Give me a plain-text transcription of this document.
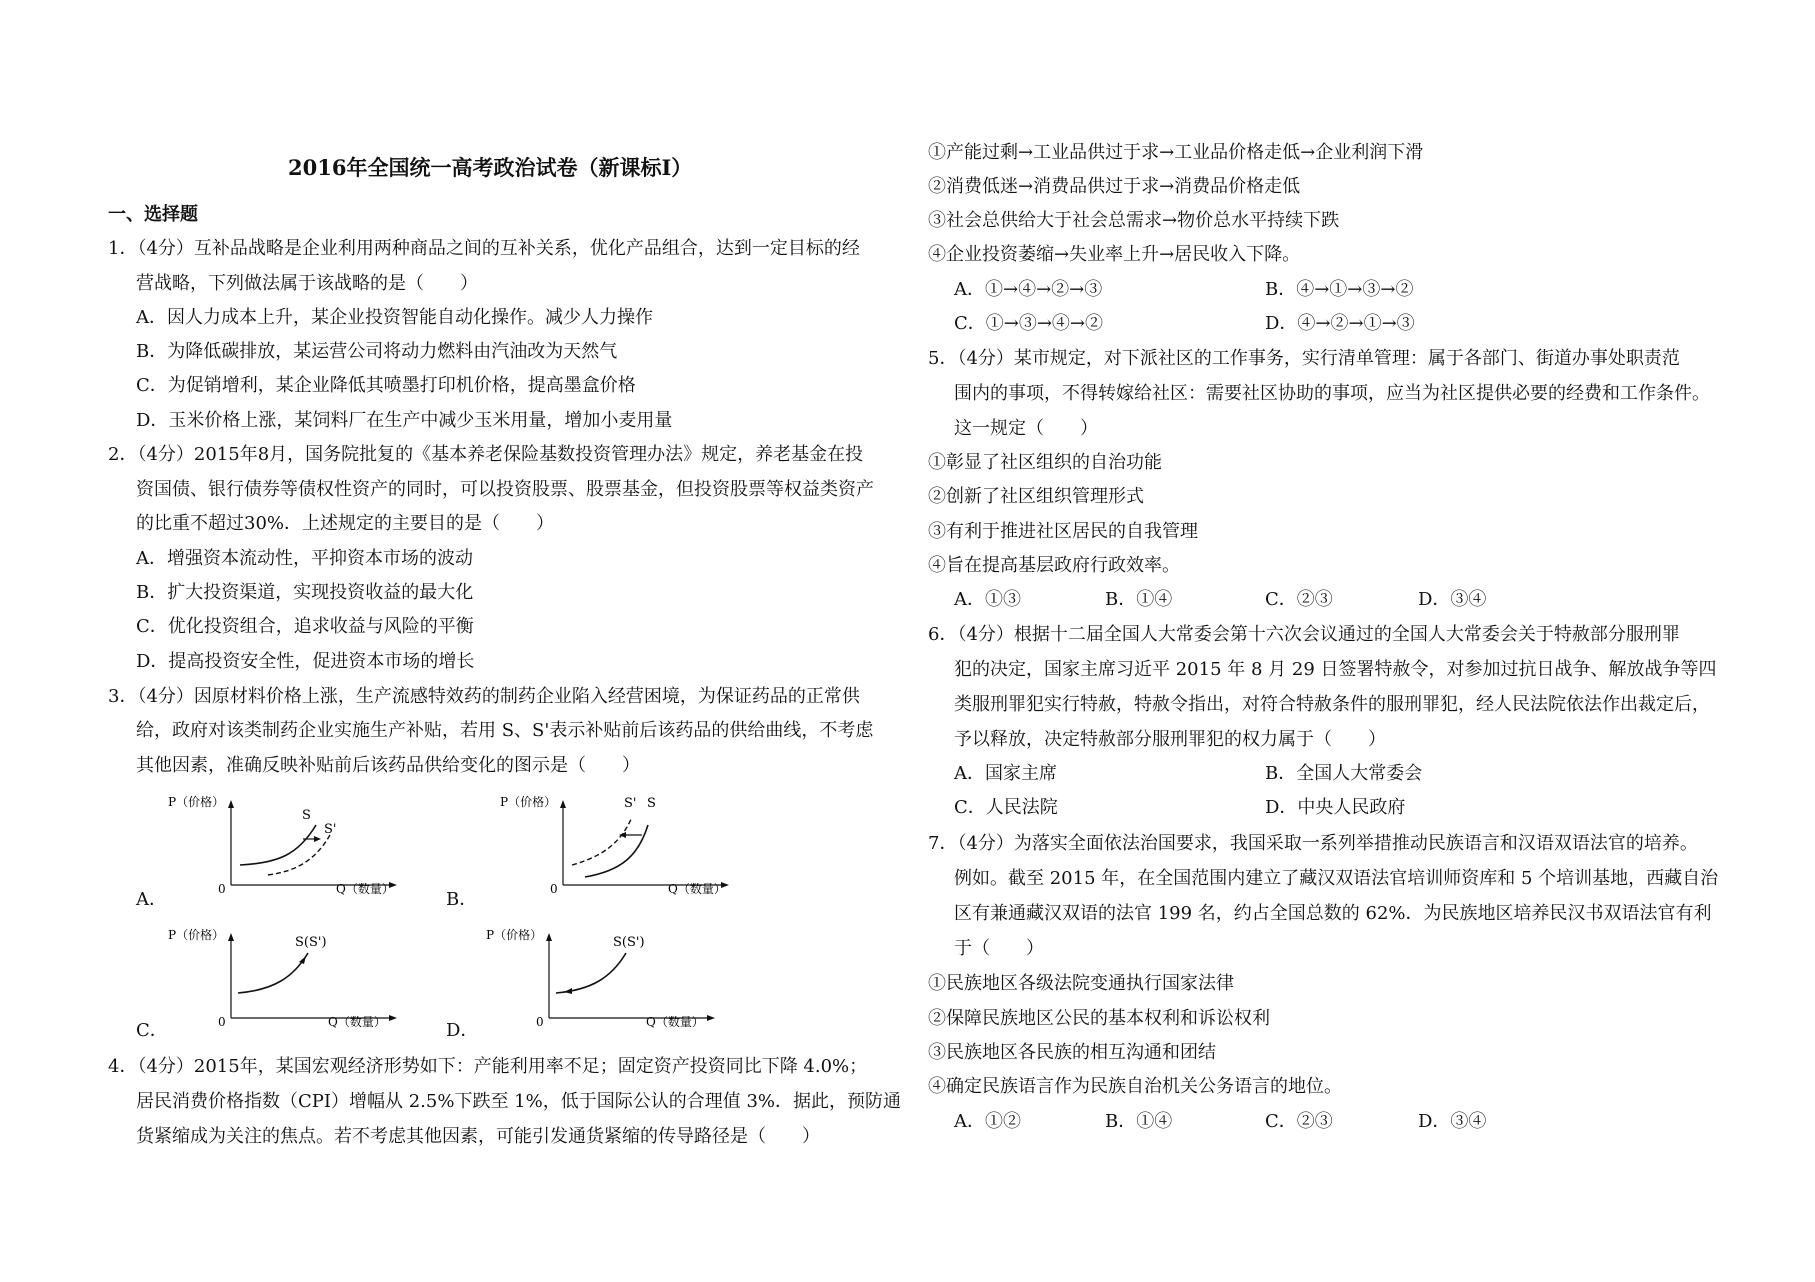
2016年全国统一高考政治试卷（新课标I）
一、选择题
1．（4分）互补品战略是企业利用两种商品之间的互补关系，优化产品组合，达到一定目标的经
营战略，下列做法属于该战略的是（　　）
A．因人力成本上升，某企业投资智能自动化操作。减少人力操作
B．为降低碳排放，某运营公司将动力燃料由汽油改为天然气
C．为促销增利，某企业降低其喷墨打印机价格，提高墨盒价格
D．玉米价格上涨，某饲料厂在生产中减少玉米用量，增加小麦用量
2．（4分）2015年8月，国务院批复的《基本养老保险基数投资管理办法》规定，养老基金在投
资国债、银行债券等债权性资产的同时，可以投资股票、股票基金，但投资股票等权益类资产
的比重不超过30%．上述规定的主要目的是（　　）
A．增强资本流动性，平抑资本市场的波动
B．扩大投资渠道，实现投资收益的最大化
C．优化投资组合，追求收益与风险的平衡
D．提高投资安全性，促进资本市场的增长
3．（4分）因原材料价格上涨，生产流感特效药的制药企业陷入经营困境，为保证药品的正常供
给，政府对该类制药企业实施生产补贴，若用 S、S'表示补贴前后该药品的供给曲线，不考虑
其他因素，准确反映补贴前后该药品供给变化的图示是（　　）
P（价格）
0	Q（数量）
S
S'
A．
P（价格）
0	Q（数量）
S' S
B．
P（价格）
0	Q（数量）
S(S')
C．
P（价格）
0	Q（数量）
S(S')
D．
4．（4分）2015年，某国宏观经济形势如下：产能利用率不足；固定资产投资同比下降 4.0%；
居民消费价格指数（CPI）增幅从 2.5%下跌至 1%，低于国际公认的合理值 3%．据此，预防通
货紧缩成为关注的焦点。若不考虑其他因素，可能引发通货紧缩的传导路径是（　　）
①产能过剩→工业品供过于求→工业品价格走低→企业利润下滑
②消费低迷→消费品供过于求→消费品价格走低
③社会总供给大于社会总需求→物价总水平持续下跌
④企业投资萎缩→失业率上升→居民收入下降。
A．①→④→②→③	B．④→①→③→②
C．①→③→④→②	D．④→②→①→③
5．（4分）某市规定，对下派社区的工作事务，实行清单管理：属于各部门、街道办事处职责范
围内的事项，不得转嫁给社区：需要社区协助的事项，应当为社区提供必要的经费和工作条件。
这一规定（　　）
①彰显了社区组织的自治功能
②创新了社区组织管理形式
③有利于推进社区居民的自我管理
④旨在提高基层政府行政效率。
A．①③	B．①④	C．②③	D．③④
6．（4分）根据十二届全国人大常委会第十六次会议通过的全国人大常委会关于特赦部分服刑罪
犯的决定，国家主席习近平 2015 年 8 月 29 日签署特赦令，对参加过抗日战争、解放战争等四
类服刑罪犯实行特赦，特赦令指出，对符合特赦条件的服刑罪犯，经人民法院依法作出裁定后，
予以释放，决定特赦部分服刑罪犯的权力属于（　　）
A．国家主席	B．全国人大常委会
C．人民法院	D．中央人民政府
7．（4分）为落实全面依法治国要求，我国采取一系列举措推动民族语言和汉语双语法官的培养。
例如。截至 2015 年，在全国范围内建立了藏汉双语法官培训师资库和 5 个培训基地，西藏自治
区有兼通藏汉双语的法官 199 名，约占全国总数的 62%．为民族地区培养民汉书双语法官有利
于（　　）
①民族地区各级法院变通执行国家法律
②保障民族地区公民的基本权利和诉讼权利
③民族地区各民族的相互沟通和团结
④确定民族语言作为民族自治机关公务语言的地位。
A．①②	B．①④	C．②③	D．③④
